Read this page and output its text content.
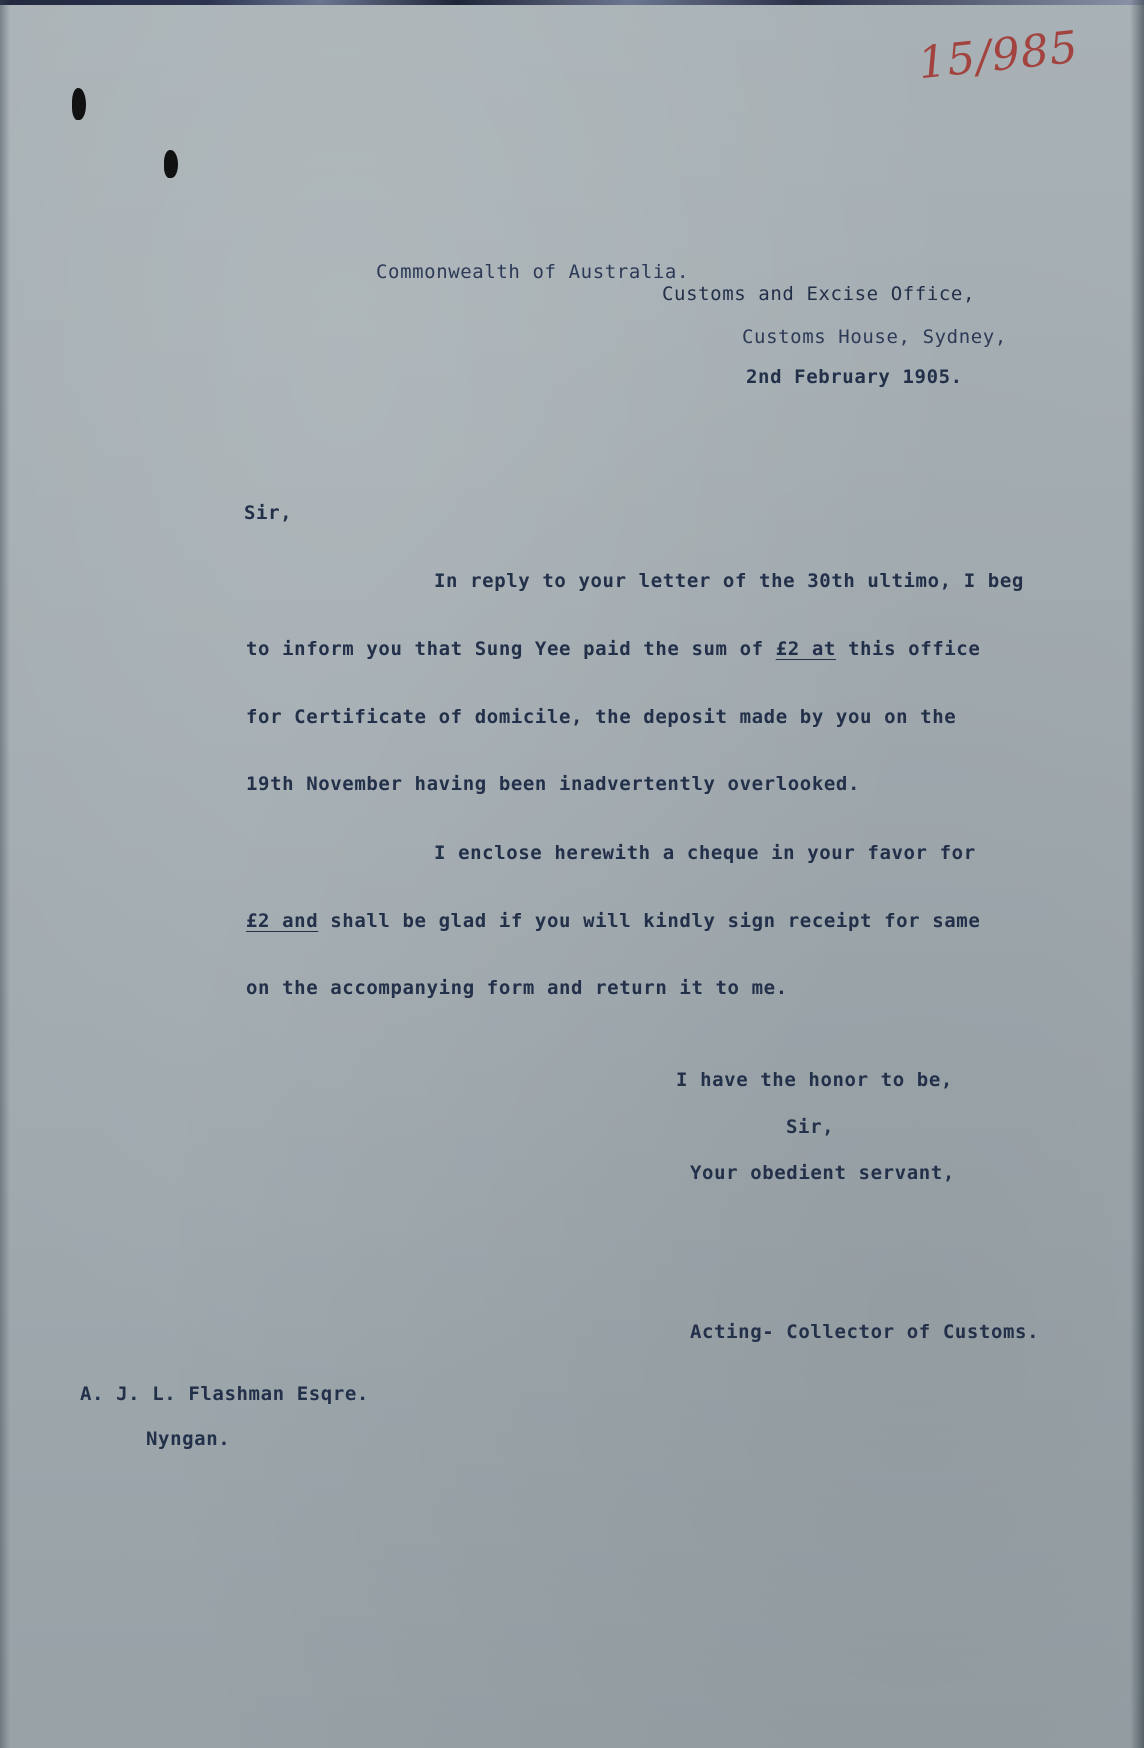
15/985
Commonwealth of Australia.
Customs and Excise Office,
Customs House, Sydney,
2nd February 1905.
Sir,
In reply to your letter of the 30th ultimo, I beg
to inform you that Sung Yee paid the sum of £2 at this office
for Certificate of domicile, the deposit made by you on the
19th November having been inadvertently overlooked.
I enclose herewith a cheque in your favor for
£2 and shall be glad if you will kindly sign receipt for same
on the accompanying form and return it to me.
I have the honor to be,
Sir,
Your obedient servant,
Acting- Collector of Customs.
A. J. L. Flashman Esqre.
Nyngan.
